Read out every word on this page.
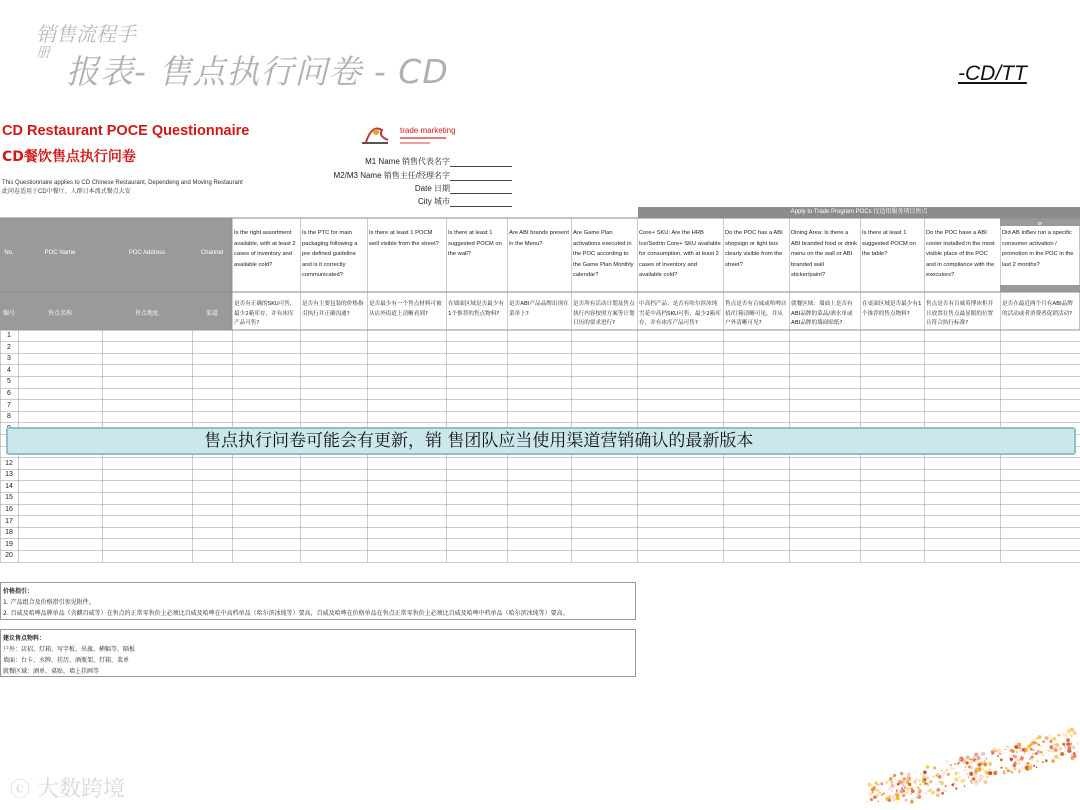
销售流程手
册 报表- 售点执行问卷 - CD	-CD/TT
CD Restaurant POCE Questionnaire
CD餐饮售点执行问卷
This Questionnaire applies to CD Chinese Restaurant, Dependeng and Moving Restaurant
此问卷适用于CD中餐厅、人群日本流式餐点大发
trade marketing
M1 Name 销售代表名字
M2/M3 Name 销售主任/经理名字
Date 日期
City 城市
Apply to Trade Program POCs 仅适用服务项目售点
No.
编号
POC Name
售点名称
POC Address
售点地址
Channel
渠道
Is the right assortment available, with at least 2 cases of inventory and available cold?
是否有正确的SKU可售，最少2箱库存，并有冰库产品可售?
Is the PTC for main packaging following a pre defined guideline and is it correctly communicated?
是否有主要包装的价格指引执行并正确沟通?
Is there at least 1 POCM well visible from the street?
是否最少有一个售点材料可被从店外街道上清晰看到?
Is there at least 1 suggested POCM on the wall?
在墙面区域是否最少有1个推荐的售点物料?
Are ABI brands present in the Menu?
是否ABI产品品牌出现在菜单上?
Are Game Plan activations executed in the POC according to the Game Plan Monthly calendar?
是否所有活动计划及售点执行内容按照方案等计划日历的要求进行?
Core+ SKU: Are the HRB Ice/Sedrin Core+ SKU available for consumption, with at least 2 cases of inventory and available cold?
中高档产品：是否有哈尔滨冰纯雪花中高档SKU可售，最少2箱库存，并有冰库产品可售?
Do the POC has a ABI shopsign or light box clearly visible from the street?
售点是否有百威或哈啤店招/灯箱清晰可见，并从户外清晰可见?
Dining Area: Is there a ABI branded food or drink menu on the wall or ABI branded wall sticker/paint?
就餐区域：墙面上是否有ABI品牌的菜品/酒水单或ABI品牌的墙面贴纸?
Is there at least 1 suggested POCM on the table?
在桌面区域是否最少有1个推荐的售点物料?
Do the POC have a ABI cooler installed in the most visible place of the POC and in compliance with the executors?
售点是否有百威英博冰柜并且放置在售点最显眼的位置且符合执行标准?
Did AB InBev run a specific consumer activation / promotion in the POC in the last 2 months?
是否在最近两个月有ABI品牌的活动或者消费者促销活动?
or
1
2
3
4
5
6
7
8
12
13
14
15
16
17
18
19
20
售点执行问卷可能会有更新，销 售团队应当使用渠道营销确认的最新版本
价格指引：
1. 产品组合及价格指引参见附件。
2. 百威及哈啤品牌单品（含麒百威等）在售点的正常零售价上必须比百威及哈啤在中高档单品（哈尔滨冰纯等）要高，百威及哈啤在价格单品在售点正常零售价上必须比百威及哈啤中档单品（哈尔滨冰纯等）要高。
建议售点物料：
户外：店招、灯箱、写字板、吊旗、横幅等、隔板
墙面：台卡、水牌、挂历、酒瓶架、灯箱、菜单
就餐区域：酒单、桌贴、墙上挂画等
ⓒ 大数跨境
